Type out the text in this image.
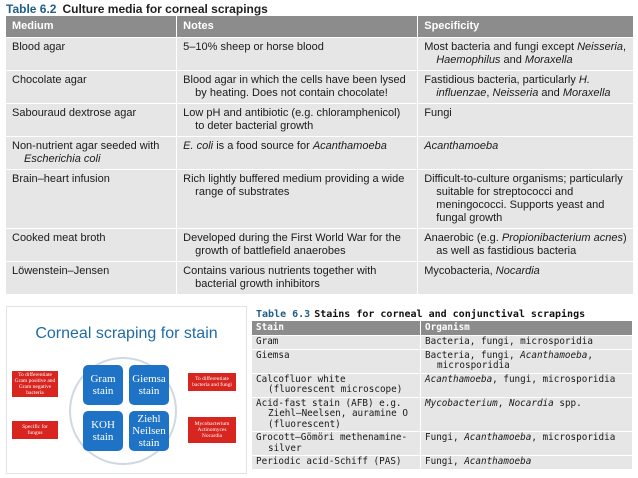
Table 6.2 Culture media for corneal scrapings
Medium	Notes	Specificity

Blood agar	5–10% sheep or horse blood	Most bacteria and fungi except Neisseria, Haemophilus and Moraxella

Chocolate agar	Blood agar in which the cells have been lysed by heating. Does not contain chocolate!	Fastidious bacteria, particularly H. influenzae, Neisseria and Moraxella

Sabouraud dextrose agar	Low pH and antibiotic (e.g. chloramphenicol) to deter bacterial growth	Fungi

Non-nutrient agar seeded with Escherichia coli	E. coli is a food source for Acanthamoeba	Acanthamoeba

Brain–heart infusion	Rich lightly buffered medium providing a wide range of substrates	Difficult-to-culture organisms; particularly suitable for streptococci and meningococci. Supports yeast and fungal growth

Cooked meat broth	Developed during the First World War for the growth of battlefield anaerobes	Anaerobic (e.g. Propionibacterium acnes) as well as fastidious bacteria

Löwenstein–Jensen	Contains various nutrients together with bacterial growth inhibitors	Mycobacteria, Nocardia
Corneal scraping for stain
Gram stain
Giemsa stain
KOH stain
Ziehl Neilsen stain
To differentiate Gram positive and Gram negative bacteria
To differentiate bacteria and fungi
Specific for fungus
Mycobacterium Actinomyces Nocardia
Table 6.3 Stains for corneal and conjunctival scrapings
Stain	Organism

Gram	Bacteria, fungi, microsporidia

Giemsa	Bacteria, fungi, Acanthamoeba, microsporidia

Calcofluor white (fluorescent microscope)	Acanthamoeba, fungi, microsporidia

Acid-fast stain (AFB) e.g. Ziehl–Neelsen, auramine O (fluorescent)	Mycobacterium, Nocardia spp.

Grocott–Gömöri methenamine-silver	Fungi, Acanthamoeba, microsporidia

Periodic acid-Schiff (PAS)	Fungi, Acanthamoeba
